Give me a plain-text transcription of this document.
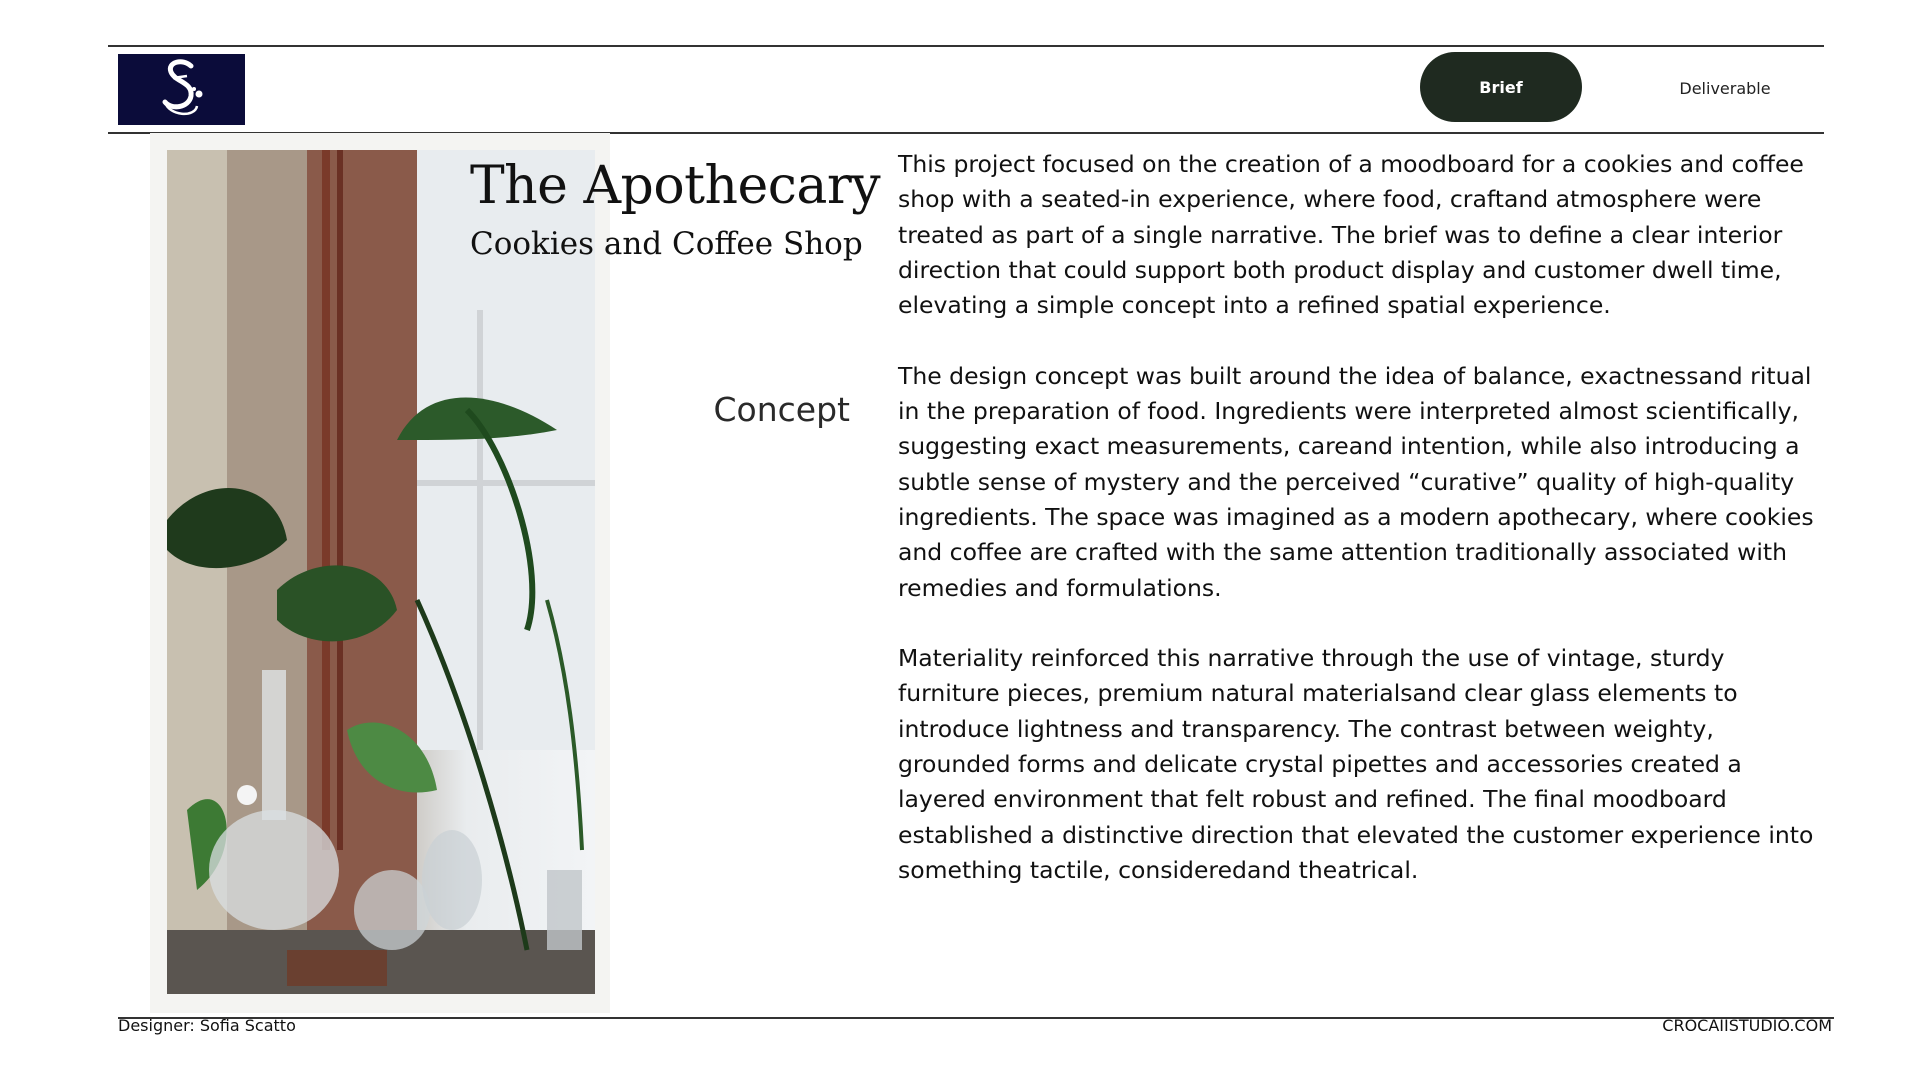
Brief	Deliverable
The Apothecary
Cookies and Coffee Shop
Concept

This project focused on the creation of a moodboard for a cookies and coffee shop with a seated-in experience, where food, craftand atmosphere were treated as part of a single narrative. The brief was to define a clear interior direction that could support both product display and customer dwell time, elevating a simple concept into a refined spatial experience.

The design concept was built around the idea of balance, exactnessand ritual in the preparation of food. Ingredients were interpreted almost scientifically, suggesting exact measurements, careand intention, while also introducing a subtle sense of mystery and the perceived “curative” quality of high-quality ingredients. The space was imagined as a modern apothecary, where cookies and coffee are crafted with the same attention traditionally associated with remedies and formulations.

Materiality reinforced this narrative through the use of vintage, sturdy furniture pieces, premium natural materialsand clear glass elements to introduce lightness and transparency. The contrast between weighty, grounded forms and delicate crystal pipettes and accessories created a layered environment that felt robust and refined. The final moodboard established a distinctive direction that elevated the customer experience into something tactile, consideredand theatrical.

Designer: Sofia Scatto	CROCAIISTUDIO.COM
